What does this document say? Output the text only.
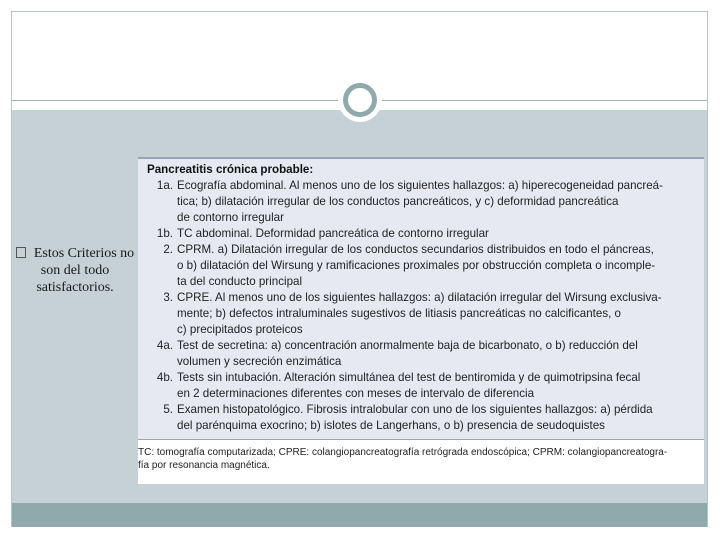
Estos Criterios no son del todo satisfactorios.
Pancreatitis crónica probable:
1a. Ecografía abdominal. Al menos uno de los siguientes hallazgos: a) hiperecogeneidad pancreá-
tica; b) dilatación irregular de los conductos pancreáticos, y c) deformidad pancreática
de contorno irregular
1b. TC abdominal. Deformidad pancreática de contorno irregular
2. CPRM. a) Dilatación irregular de los conductos secundarios distribuidos en todo el páncreas,
o b) dilatación del Wirsung y ramificaciones proximales por obstrucción completa o incomple-
ta del conducto principal
3. CPRE. Al menos uno de los siguientes hallazgos: a) dilatación irregular del Wirsung exclusiva-
mente; b) defectos intraluminales sugestivos de litiasis pancreáticas no calcificantes, o
c) precipitados proteicos
4a. Test de secretina: a) concentración anormalmente baja de bicarbonato, o b) reducción del
volumen y secreción enzimática
4b. Tests sin intubación. Alteración simultánea del test de bentiromida y de quimotripsina fecal
en 2 determinaciones diferentes con meses de intervalo de diferencia
5. Examen histopatológico. Fibrosis intralobular con uno de los siguientes hallazgos: a) pérdida
del parénquima exocrino; b) islotes de Langerhans, o b) presencia de seudoquistes
TC: tomografía computarizada; CPRE: colangiopancreatografía retrógrada endoscópica; CPRM: colangiopancreatogra-
fía por resonancia magnética.
